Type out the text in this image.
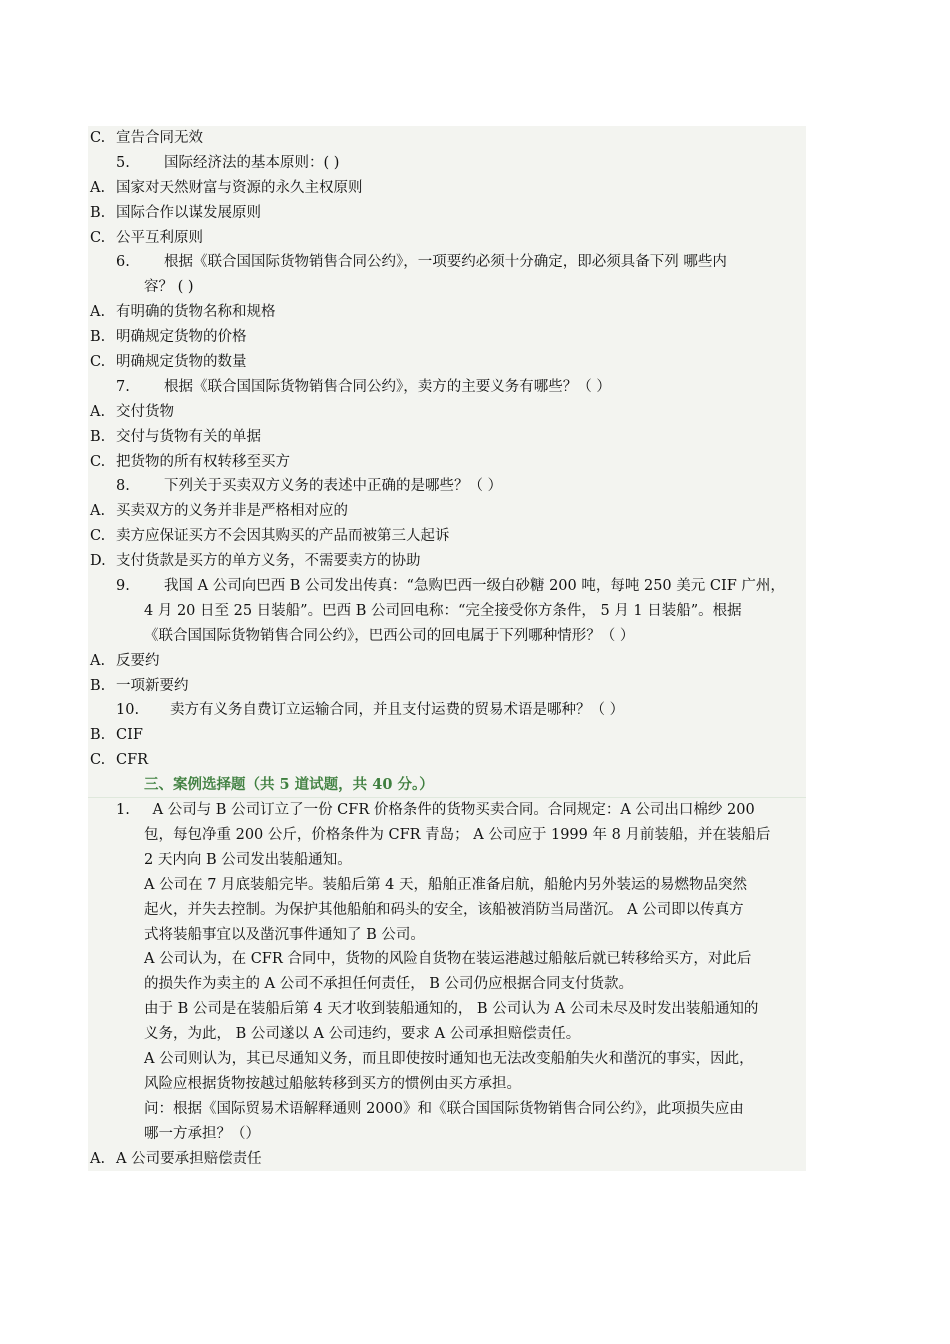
C. 宣告合同无效
5. 国际经济法的基本原则：( )
A. 国家对天然财富与资源的永久主权原则
B. 国际合作以谋发展原则
C. 公平互利原则
6. 根据《联合国国际货物销售合同公约》，一项要约必须十分确定，即必须具备下列 哪些内
容？ ( )
A. 有明确的货物名称和规格
B. 明确规定货物的价格
C. 明确规定货物的数量
7. 根据《联合国国际货物销售合同公约》，卖方的主要义务有哪些？（ ）
A. 交付货物
B. 交付与货物有关的单据
C. 把货物的所有权转移至买方
8. 下列关于买卖双方义务的表述中正确的是哪些？（ ）
A. 买卖双方的义务并非是严格相对应的
C. 卖方应保证买方不会因其购买的产品而被第三人起诉
D. 支付货款是买方的单方义务，不需要卖方的协助
9. 我国 A 公司向巴西 B 公司发出传真：“急购巴西一级白砂糖 200 吨，每吨 250 美元 CIF 广州，
4 月 20 日至 25 日装船”。巴西 B 公司回电称：“完全接受你方条件， 5 月 1 日装船”。根据
《联合国国际货物销售合同公约》，巴西公司的回电属于下列哪种情形？（ ）
A. 反要约
B. 一项新要约
10. 卖方有义务自费订立运输合同，并且支付运费的贸易术语是哪种？（ ）
B. CIF
C. CFR
三、案例选择题（共 5 道试题，共 40 分。）
1. A 公司与 B 公司订立了一份 CFR 价格条件的货物买卖合同。合同规定：A 公司出口棉纱 200
包，每包净重 200 公斤，价格条件为 CFR 青岛； A 公司应于 1999 年 8 月前装船，并在装船后
2 天内向 B 公司发出装船通知。
A 公司在 7 月底装船完毕。装船后第 4 天，船舶正准备启航，船舱内另外装运的易燃物品突然
起火，并失去控制。为保护其他船舶和码头的安全，该船被消防当局凿沉。 A 公司即以传真方
式将装船事宜以及凿沉事件通知了 B 公司。
A 公司认为，在 CFR 合同中，货物的风险自货物在装运港越过船舷后就已转移给买方，对此后
的损失作为卖主的 A 公司不承担任何责任， B 公司仍应根据合同支付货款。
由于 B 公司是在装船后第 4 天才收到装船通知的， B 公司认为 A 公司未尽及时发出装船通知的
义务，为此， B 公司遂以 A 公司违约，要求 A 公司承担赔偿责任。
A 公司则认为，其已尽通知义务，而且即使按时通知也无法改变船舶失火和凿沉的事实，因此，
风险应根据货物按越过船舷转移到买方的惯例由买方承担。
问：根据《国际贸易术语解释通则 2000》和《联合国国际货物销售合同公约》，此项损失应由
哪一方承担？（）
A. A 公司要承担赔偿责任
